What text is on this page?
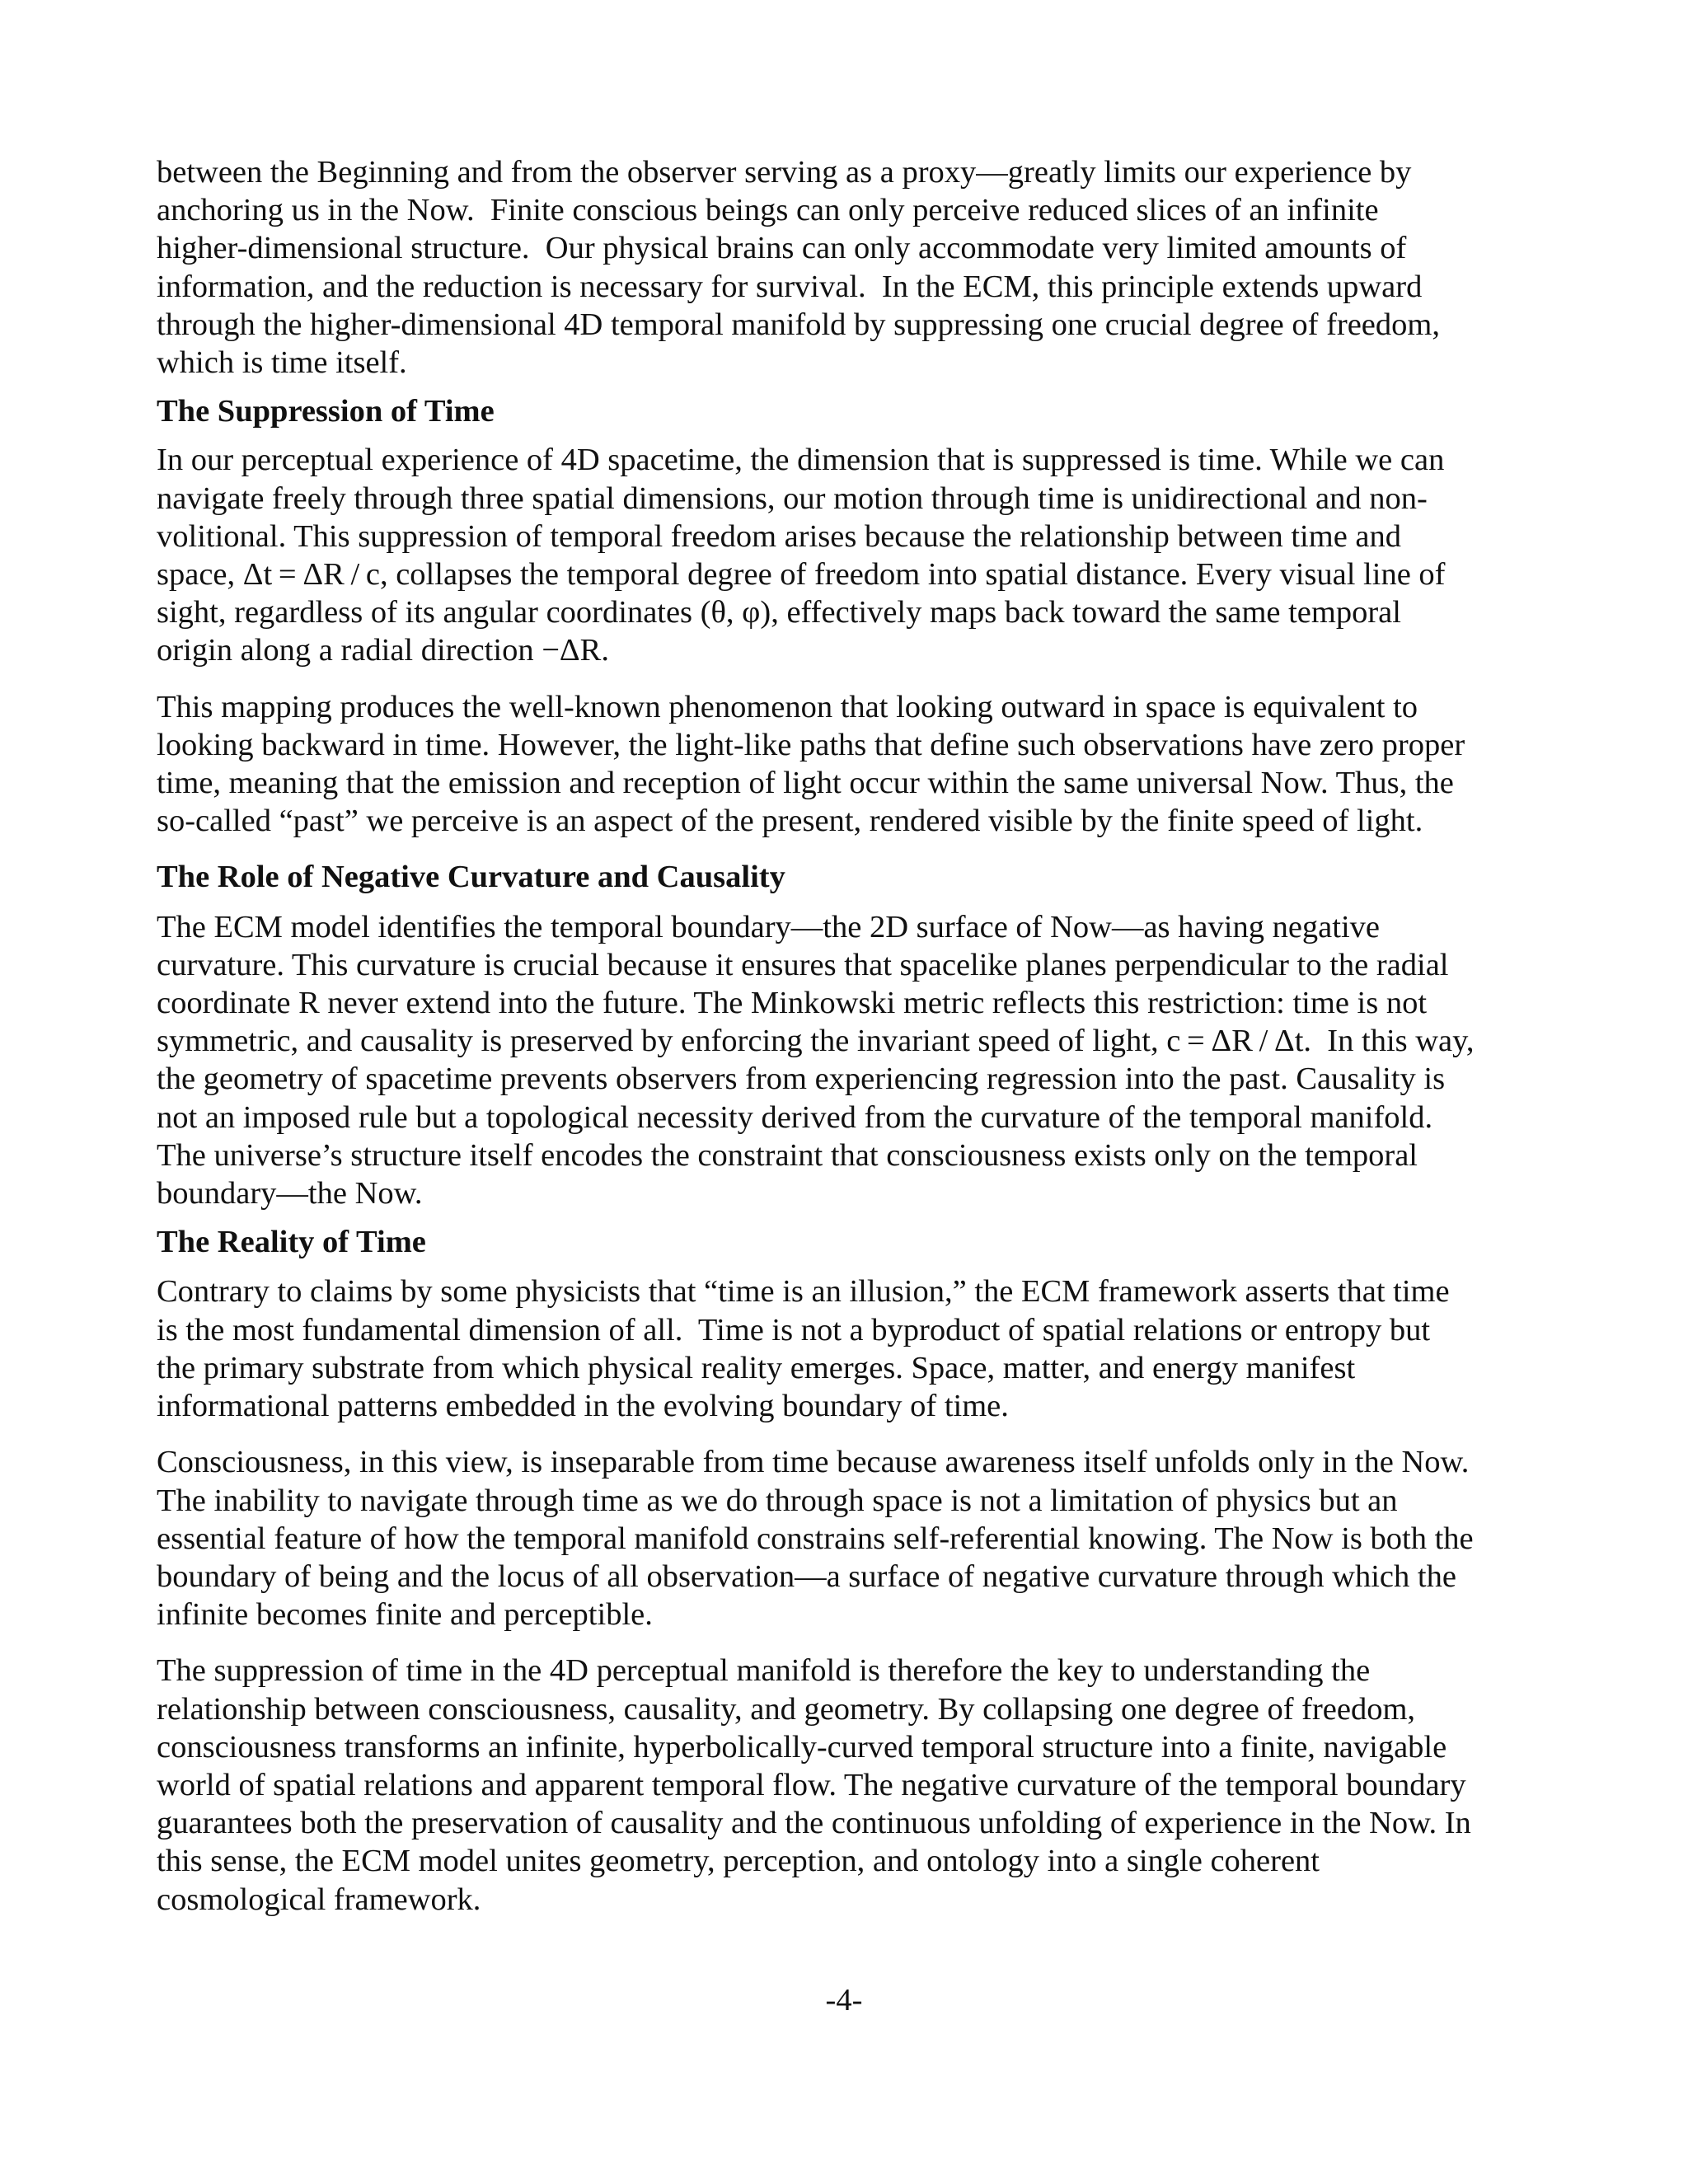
between the Beginning and from the observer serving as a proxy—greatly limits our experience by
anchoring us in the Now.  Finite conscious beings can only perceive reduced slices of an infinite
higher-dimensional structure.  Our physical brains can only accommodate very limited amounts of
information, and the reduction is necessary for survival.  In the ECM, this principle extends upward
through the higher-dimensional 4D temporal manifold by suppressing one crucial degree of freedom,
which is time itself.

The Suppression of Time

In our perceptual experience of 4D spacetime, the dimension that is suppressed is time. While we can
navigate freely through three spatial dimensions, our motion through time is unidirectional and non-
volitional. This suppression of temporal freedom arises because the relationship between time and
space, Δt = ΔR / c, collapses the temporal degree of freedom into spatial distance. Every visual line of
sight, regardless of its angular coordinates (θ, φ), effectively maps back toward the same temporal
origin along a radial direction −ΔR.

This mapping produces the well-known phenomenon that looking outward in space is equivalent to
looking backward in time. However, the light-like paths that define such observations have zero proper
time, meaning that the emission and reception of light occur within the same universal Now. Thus, the
so-called “past” we perceive is an aspect of the present, rendered visible by the finite speed of light.

The Role of Negative Curvature and Causality

The ECM model identifies the temporal boundary—the 2D surface of Now—as having negative
curvature. This curvature is crucial because it ensures that spacelike planes perpendicular to the radial
coordinate R never extend into the future. The Minkowski metric reflects this restriction: time is not
symmetric, and causality is preserved by enforcing the invariant speed of light, c = ΔR / Δt.  In this way,
the geometry of spacetime prevents observers from experiencing regression into the past. Causality is
not an imposed rule but a topological necessity derived from the curvature of the temporal manifold.
The universe’s structure itself encodes the constraint that consciousness exists only on the temporal
boundary—the Now.

The Reality of Time

Contrary to claims by some physicists that “time is an illusion,” the ECM framework asserts that time
is the most fundamental dimension of all.  Time is not a byproduct of spatial relations or entropy but
the primary substrate from which physical reality emerges. Space, matter, and energy manifest
informational patterns embedded in the evolving boundary of time.

Consciousness, in this view, is inseparable from time because awareness itself unfolds only in the Now.
The inability to navigate through time as we do through space is not a limitation of physics but an
essential feature of how the temporal manifold constrains self-referential knowing. The Now is both the
boundary of being and the locus of all observation—a surface of negative curvature through which the
infinite becomes finite and perceptible.

The suppression of time in the 4D perceptual manifold is therefore the key to understanding the
relationship between consciousness, causality, and geometry. By collapsing one degree of freedom,
consciousness transforms an infinite, hyperbolically-curved temporal structure into a finite, navigable
world of spatial relations and apparent temporal flow. The negative curvature of the temporal boundary
guarantees both the preservation of causality and the continuous unfolding of experience in the Now. In
this sense, the ECM model unites geometry, perception, and ontology into a single coherent
cosmological framework.

-4-
